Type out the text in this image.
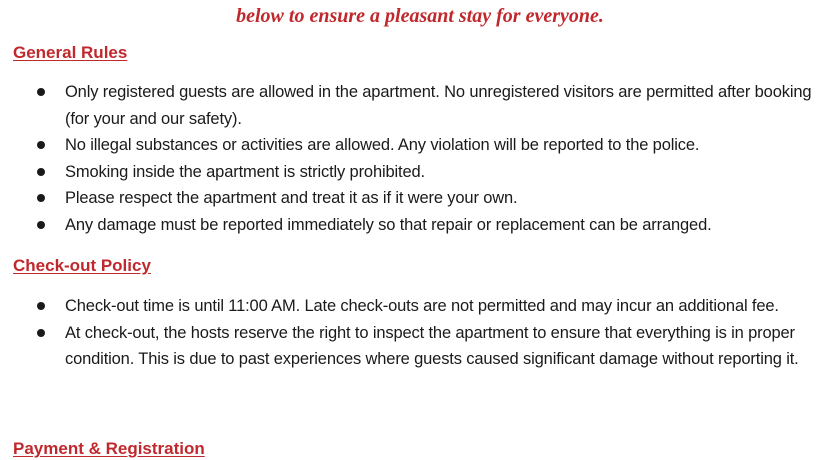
below to ensure a pleasant stay for everyone.

General Rules
Only registered guests are allowed in the apartment. No unregistered visitors are permitted after booking (for your and our safety).
No illegal substances or activities are allowed. Any violation will be reported to the police.
Smoking inside the apartment is strictly prohibited.
Please respect the apartment and treat it as if it were your own.
Any damage must be reported immediately so that repair or replacement can be arranged.
Check-out Policy
Check-out time is until 11:00 AM. Late check-outs are not permitted and may incur an additional fee.
At check-out, the hosts reserve the right to inspect the apartment to ensure that everything is in proper condition. This is due to past experiences where guests caused significant damage without reporting it.
Payment & Registration
